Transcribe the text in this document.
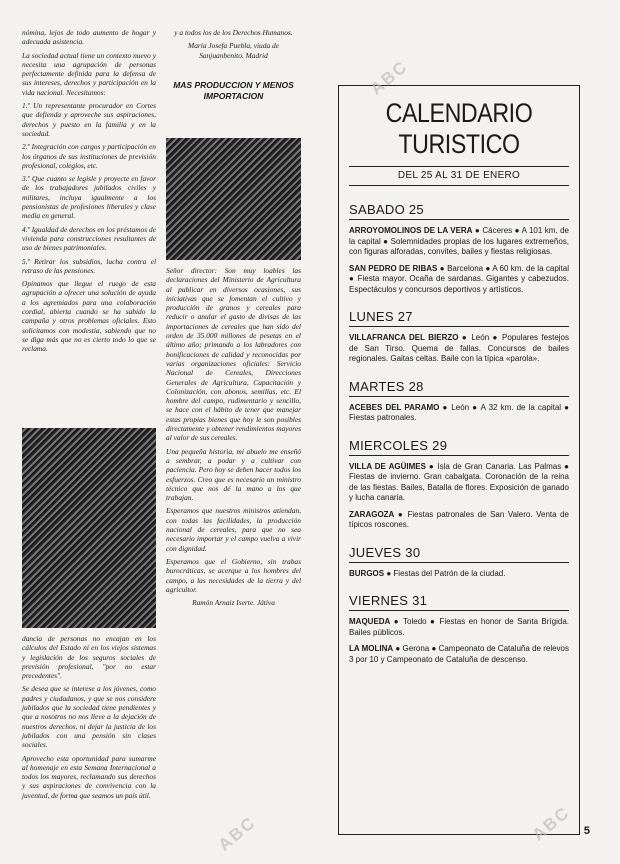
nómina, lejos de todo aumento de hogar y adecuada asistencia.

La sociedad actual tiene un contexto nuevo y necesita una agrupación de personas perfectamente definida para la defensa de sus intereses, derechos y participación en la vida nacional. Necesitamos:

1.º Un representante procurador en Cortes que defienda y aproveche sus aspiraciones, derechos y puesto en la familia y en la sociedad.

2.º Integración con cargos y participación en los órganos de sus instituciones de previsión profesional, colegios, etc.

3.º Que cuanto se legisle y proyecte en favor de los trabajadores jubilados civiles y militares, incluya igualmente a los pensionistas de profesiones liberales y clase media en general.

4.º Igualdad de derechos en los préstamos de vivienda para construcciones resultantes de uso de bienes patrimoniales.

5.º Retirar los subsidios, lucha contra el retraso de las pensiones.

Opinamos que llegue el ruego de esta agrupación a ofrecer una solución de ayuda a los agremiados para una colaboración cordial, abierta cuando se ha sabido la campaña y otros problemas oficiales. Esto solicitamos con modestia, sabiendo que no se diga más que no es cierto todo lo que se reclama.

dancia de personas no encajan en los cálculos del Estado ni en los viejos sistemas y legislación de los seguros sociales de previsión profesional, "por no estar precedentes".

Se desea que se interese a los jóvenes, como padres y ciudadanos, y que se nos considere jubilados que la sociedad tiene pendientes y que a nosotros no nos lleve a la dejación de nuestros derechos, ni dejar la justicia de los jubilados con una pensión sin clases sociales.

Aprovecho esta oportunidad para sumarme al homenaje en esta Semana Internacional a todos los mayores, reclamando sus derechos y sus aspiraciones de convivencia con la juventud, de forma que seamos un país útil.

y a todos los de los Derechos Humanos.

María Josefa Puebla, viuda de Sanjuanbenito. Madrid

MAS PRODUCCION Y MENOS IMPORTACION

Señor director: Son muy loables las declaraciones del Ministerio de Agricultura al publicar en diversos ocasiones, sus iniciativas que se fomentan el cultivo y producción de granos y cereales para reducir o anular el gasto de divisas de las importaciones de cereales que han sido del orden de 35.000 millones de pesetas en el último año; primando a los labradores con bonificaciones de calidad y reconocidas por varias organizaciones oficiales: Servicio Nacional de Cereales, Direcciones Generales de Agricultura, Capacitación y Colonización, con abonos, semillas, etc. El hombre del campo, rudimentario y sencillo, se hace con el hábito de tener que manejar estas propias bienes que hoy le son posibles directamente y obtener rendimientos mayores al valor de sus cereales.

Una pequeña historia, mi abuelo me enseñó a sembrar, a podar y a cultivar con paciencia. Pero hoy se deben hacer todos los esfuerzos. Creo que es necesario un ministro técnico que nos dé la mano a los que trabajan.

Esperamos que nuestros ministros atiendan, con todas las facilidades, la producción nacional de cereales, para que no sea necesario importar y el campo vuelva a vivir con dignidad.

Esperamos que el Gobierno, sin trabas burocráticas, se acerque a los hombres del campo, a las necesidades de la tierra y del agricultor.

Ramón Arnaiz Iserte. Játiva

CALENDARIO TURISTICO
DEL 25 AL 31 DE ENERO
SABADO 25
ARROYOMOLINOS DE LA VERA ● Cáceres ● A 101 km. de la capital ● Solemnidades propias de los lugares extremeños, con figuras alforadas, convites, bailes y fiestas religiosas.
SAN PEDRO DE RIBAS ● Barcelona ● A 60 km. de la capital ● Fiesta mayor. Ocaña de sardanas. Gigantes y cabezudos. Espectáculos y concursos deportivos y artísticos.
LUNES 27
VILLAFRANCA DEL BIERZO ● León ● Populares festejos de San Tirso. Quema de fallas. Concursos de bailes regionales. Gaitas celtas. Baile con la típica «parola».
MARTES 28
ACEBES DEL PARAMO ● León ● A 32 km. de la capital ● Fiestas patronales.
MIERCOLES 29
VILLA DE AGÜIMES ● Isla de Gran Canaria. Las Palmas ● Fiestas de invierno. Gran cabalgata. Coronación de la reina de las fiestas. Bailes, Batalla de flores. Exposición de ganado y lucha canaria.
ZARAGOZA ● Fiestas patronales de San Valero. Venta de típicos roscones.
JUEVES 30
BURGOS ● Fiestas del Patrón de la ciudad.
VIERNES 31
MAQUEDA ● Toledo ● Fiestas en honor de Santa Brígida. Bailes públicos.
LA MOLINA ● Gerona ● Campeonato de Cataluña de relevos 3 por 10 y Campeonato de Cataluña de descenso.
ABC
ABC	ABC 5
